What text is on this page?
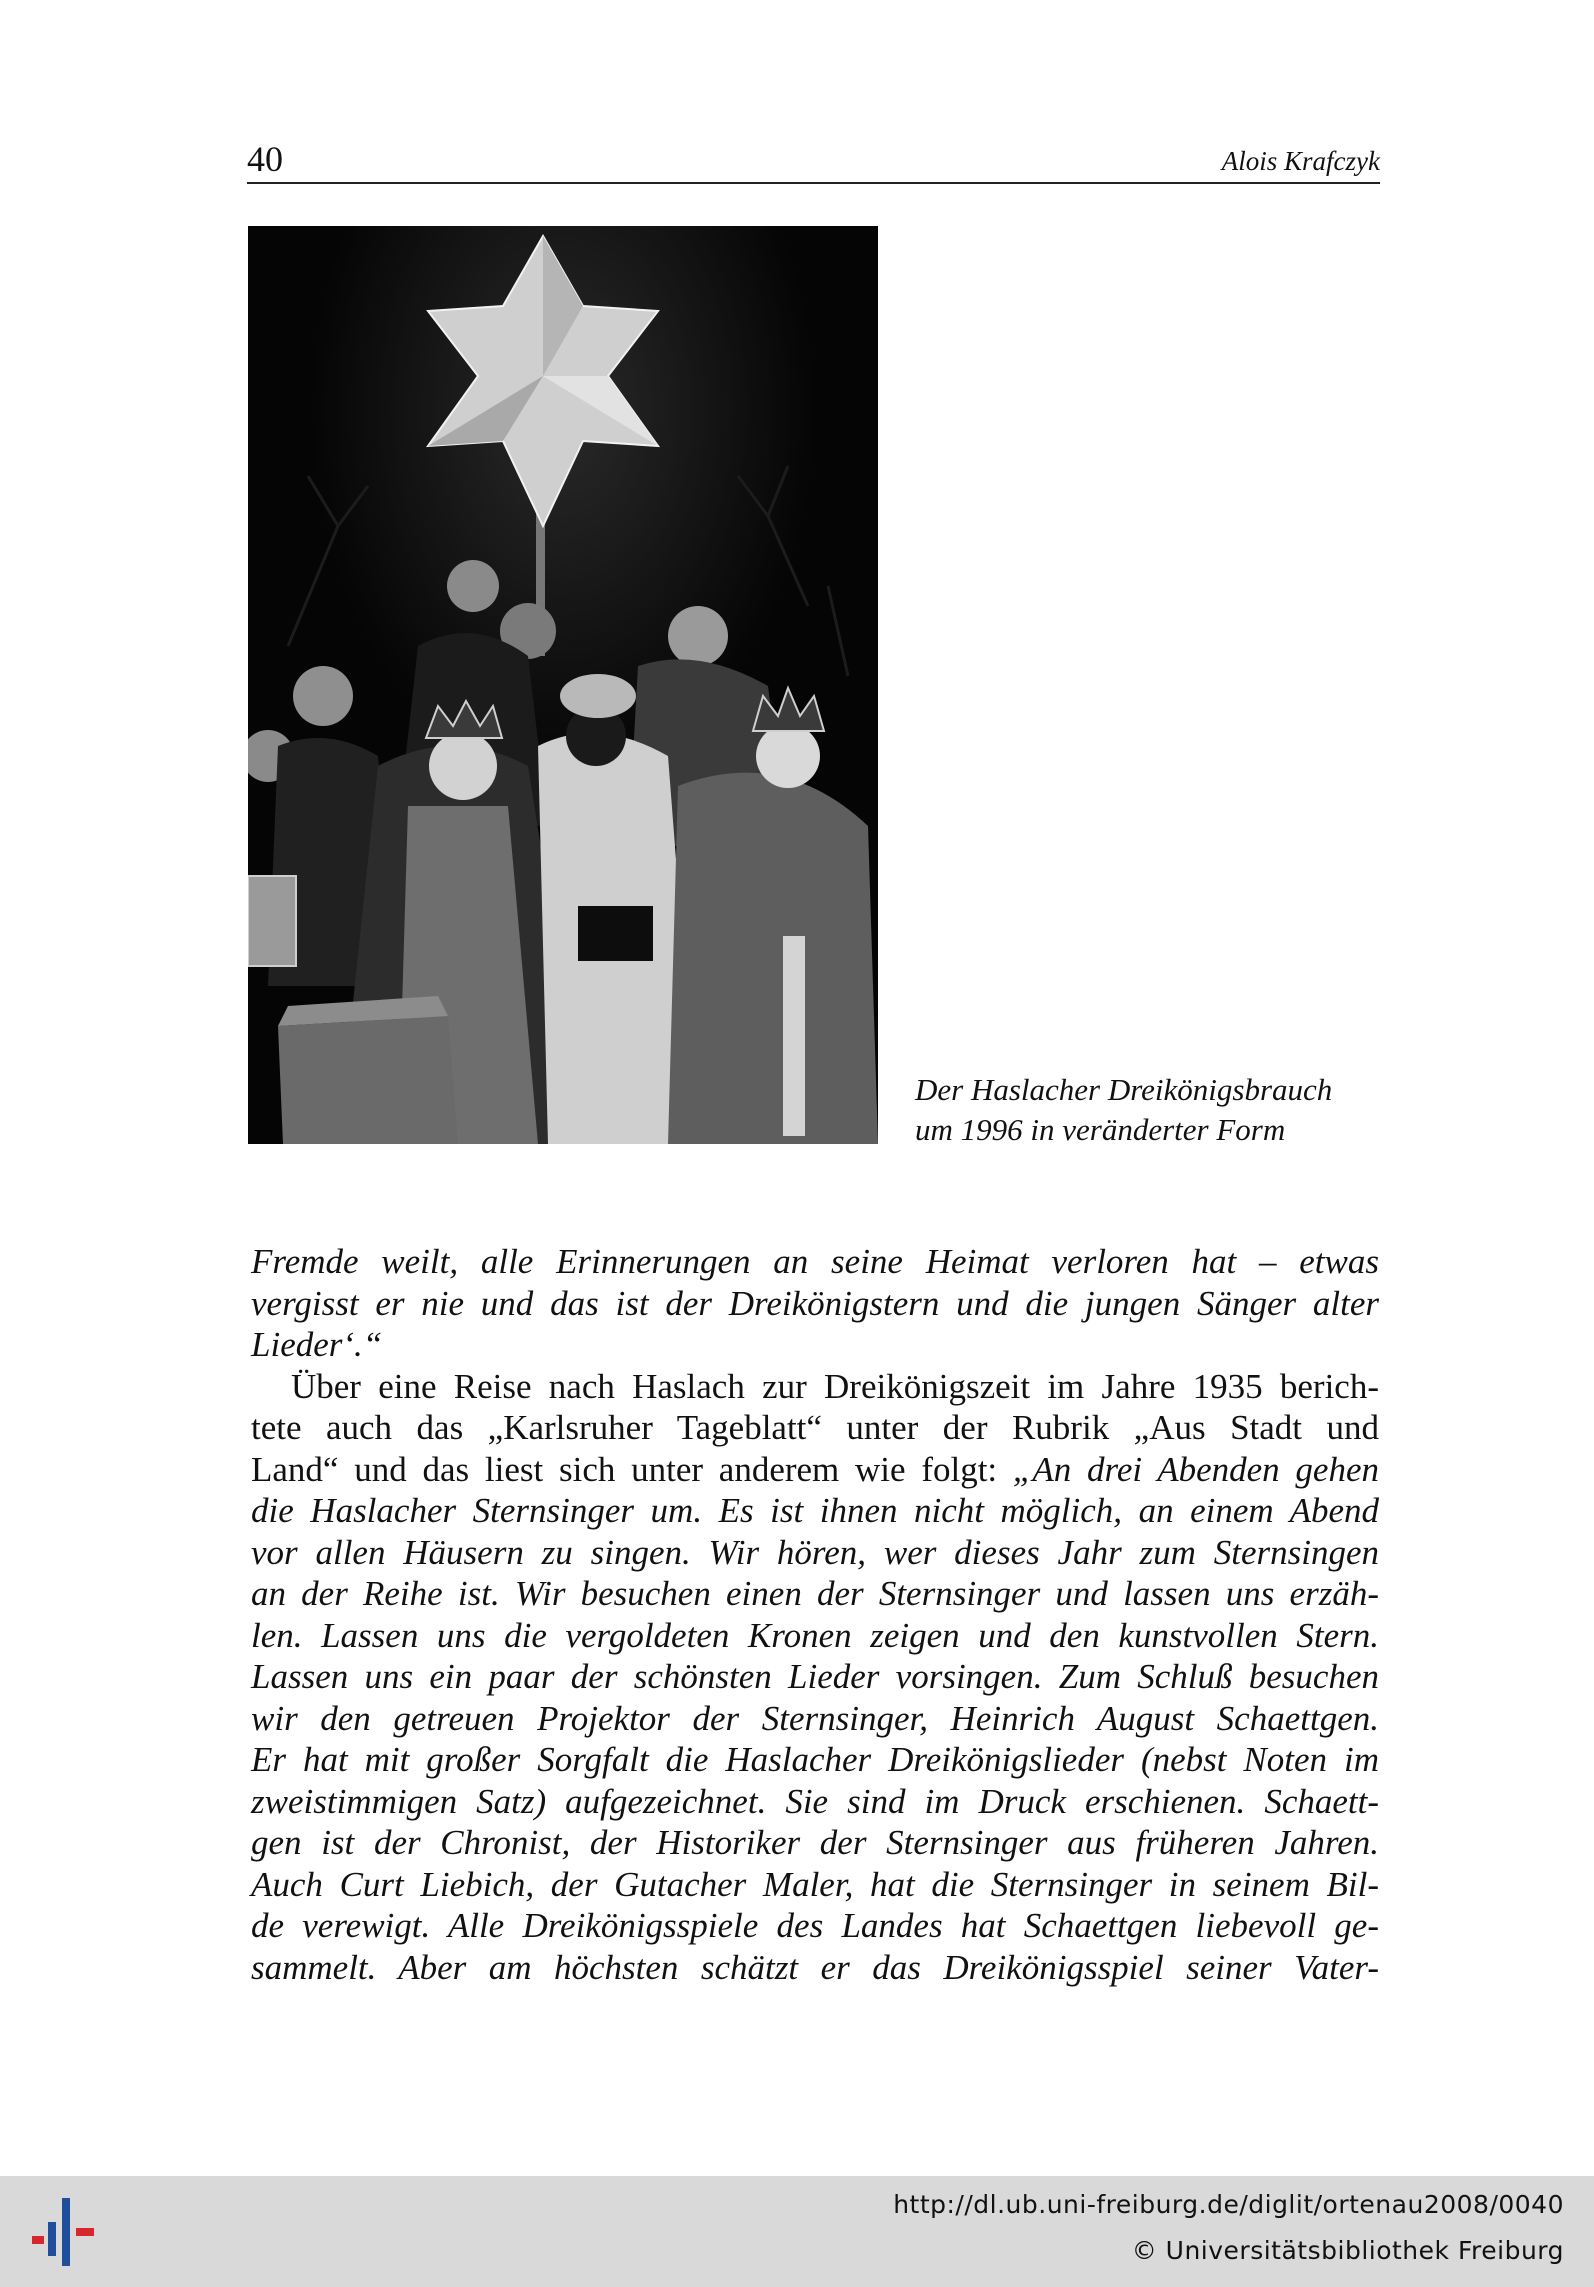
40	Alois Krafczyk
Der Haslacher Dreikönigsbrauch
um 1996 in veränderter Form
Fremde weilt, alle Erinnerungen an seine Heimat verloren hat – etwas
vergisst er nie und das ist der Dreikönigstern und die jungen Sänger alter
Lieder‘.“
Über eine Reise nach Haslach zur Dreikönigszeit im Jahre 1935 berich-
tete auch das „Karlsruher Tageblatt“ unter der Rubrik „Aus Stadt und
Land“ und das liest sich unter anderem wie folgt: „An drei Abenden gehen
die Haslacher Sternsinger um. Es ist ihnen nicht möglich, an einem Abend
vor allen Häusern zu singen. Wir hören, wer dieses Jahr zum Sternsingen
an der Reihe ist. Wir besuchen einen der Sternsinger und lassen uns erzäh-
len. Lassen uns die vergoldeten Kronen zeigen und den kunstvollen Stern.
Lassen uns ein paar der schönsten Lieder vorsingen. Zum Schluß besuchen
wir den getreuen Projektor der Sternsinger, Heinrich August Schaettgen.
Er hat mit großer Sorgfalt die Haslacher Dreikönigslieder (nebst Noten im
zweistimmigen Satz) aufgezeichnet. Sie sind im Druck erschienen. Schaett-
gen ist der Chronist, der Historiker der Sternsinger aus früheren Jahren.
Auch Curt Liebich, der Gutacher Maler, hat die Sternsinger in seinem Bil-
de verewigt. Alle Dreikönigsspiele des Landes hat Schaettgen liebevoll ge-
sammelt. Aber am höchsten schätzt er das Dreikönigsspiel seiner Vater-
http://dl.ub.uni-freiburg.de/diglit/ortenau2008/0040
© Universitätsbibliothek Freiburg
